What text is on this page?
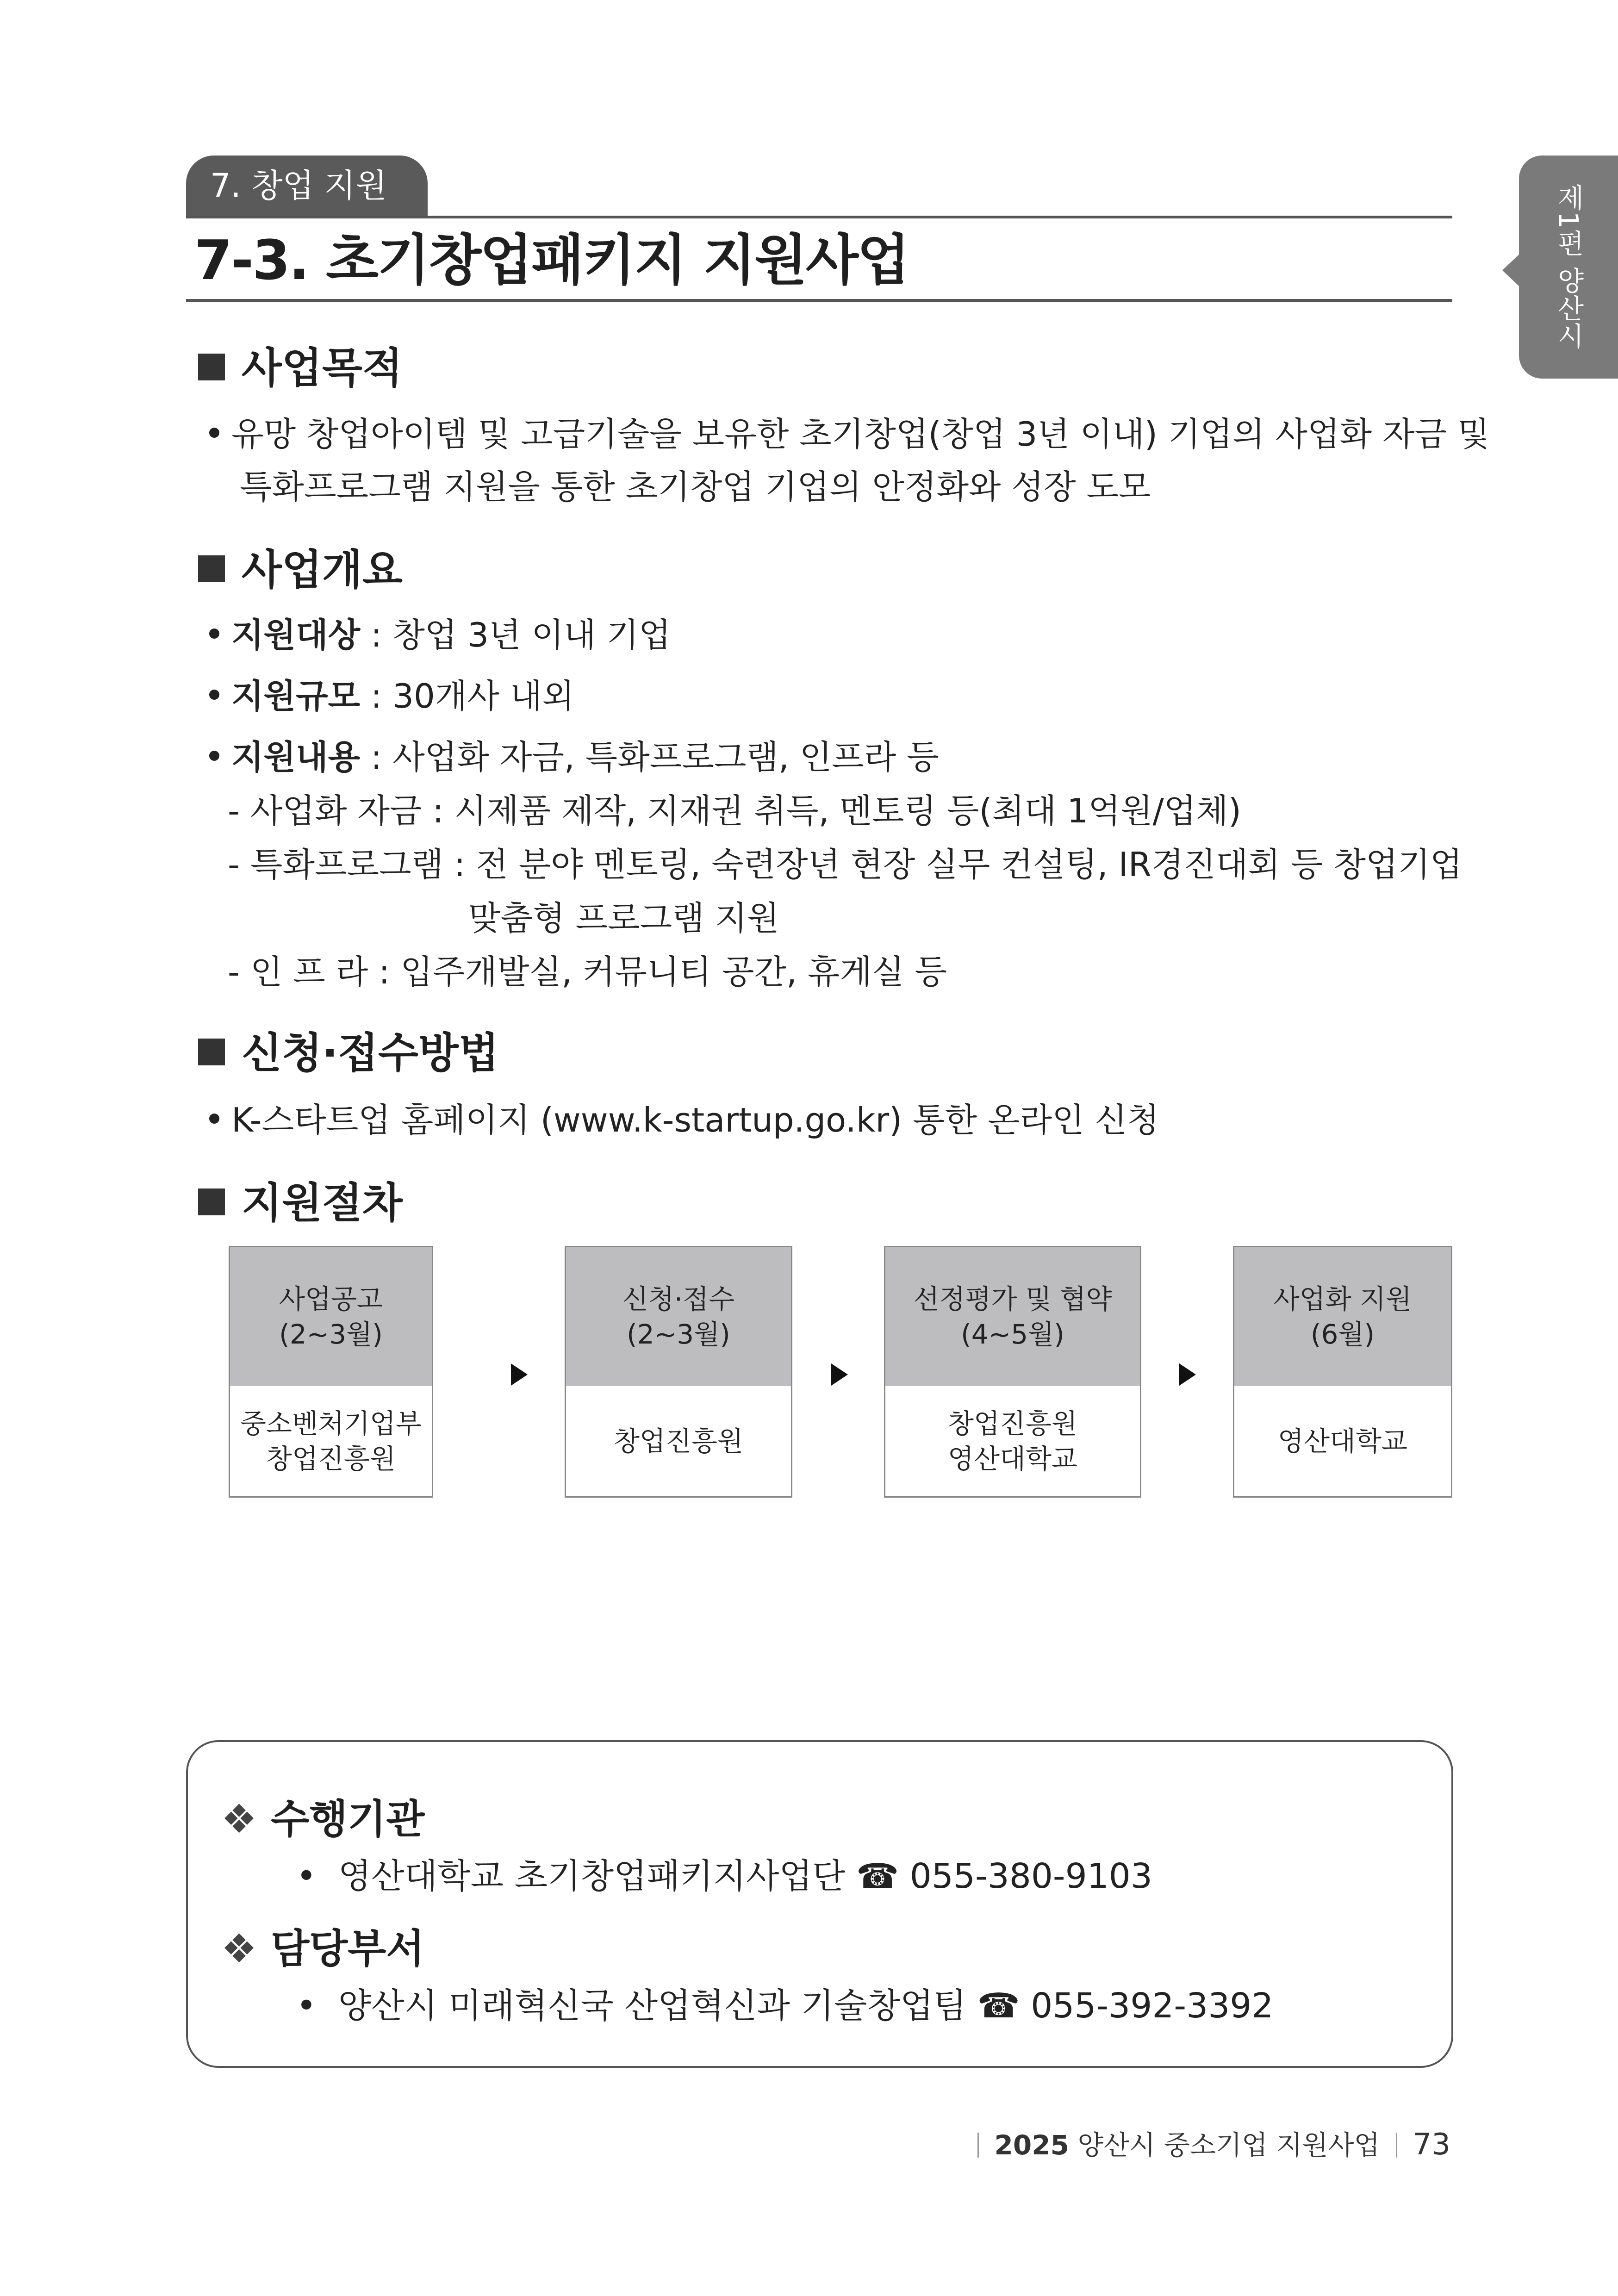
7. 창업 지원
7-3. 초기창업패키지 지원사업	제1편 양산시
사업목적
유망 창업아이템 및 고급기술을 보유한 초기창업(창업 3년 이내) 기업의 사업화 자금 및
특화프로그램 지원을 통한 초기창업 기업의 안정화와 성장 도모
사업개요
지원대상 : 창업 3년 이내 기업
지원규모 : 30개사 내외
지원내용 : 사업화 자금, 특화프로그램, 인프라 등
- 사업화 자금 : 시제품 제작, 지재권 취득, 멘토링 등(최대 1억원/업체)
- 특화프로그램 : 전 분야 멘토링, 숙련장년 현장 실무 컨설팅, IR경진대회 등 창업기업
맞춤형 프로그램 지원
- 인 프 라 : 입주개발실, 커뮤니티 공간, 휴게실 등
신청·접수방법
K-스타트업 홈페이지 (www.k-startup.go.kr) 통한 온라인 신청
지원절차
사업공고
(2~3월)
중소벤처기업부
창업진흥원
신청·접수
(2~3월)
창업진흥원
선정평가 및 협약
(4~5월)
창업진흥원
영산대학교
사업화 지원
(6월)
영산대학교
❖ 수행기관
• 영산대학교 초기창업패키지사업단 ☎ 055-380-9103
❖ 담당부서
• 양산시 미래혁신국 산업혁신과 기술창업팀 ☎ 055-392-3392
2025 양산시 중소기업 지원사업 73
